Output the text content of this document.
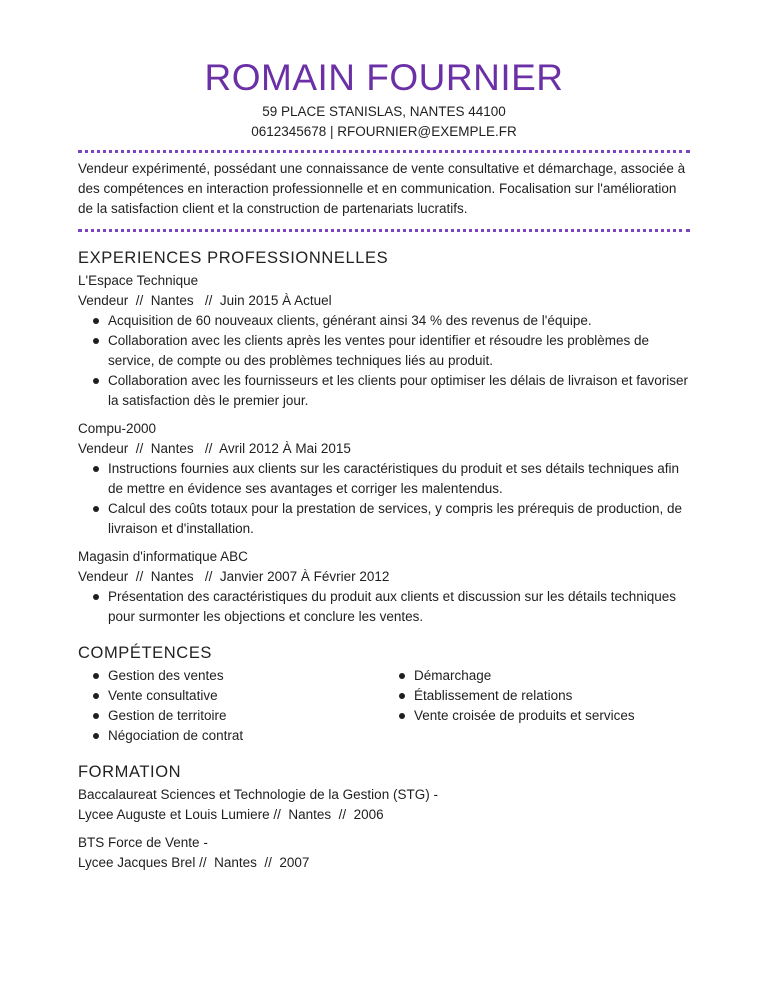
ROMAIN FOURNIER
59 PLACE STANISLAS, NANTES 44100
0612345678 | RFOURNIER@EXEMPLE.FR

Vendeur expérimenté, possédant une connaissance de vente consultative et démarchage, associée à des compétences en interaction professionnelle et en communication. Focalisation sur l'amélioration de la satisfaction client et la construction de partenariats lucratifs.

EXPERIENCES PROFESSIONNELLES
L'Espace Technique
Vendeur  //  Nantes   //  Juin 2015 À Actuel
Acquisition de 60 nouveaux clients, générant ainsi 34 % des revenus de l'équipe.
Collaboration avec les clients après les ventes pour identifier et résoudre les problèmes de service, de compte ou des problèmes techniques liés au produit.
Collaboration avec les fournisseurs et les clients pour optimiser les délais de livraison et favoriser la satisfaction dès le premier jour.
Compu-2000
Vendeur  //  Nantes   //  Avril 2012 À Mai 2015
Instructions fournies aux clients sur les caractéristiques du produit et ses détails techniques afin de mettre en évidence ses avantages et corriger les malentendus.
Calcul des coûts totaux pour la prestation de services, y compris les prérequis de production, de livraison et d'installation.
Magasin d'informatique ABC
Vendeur  //  Nantes   //  Janvier 2007 À Février 2012
Présentation des caractéristiques du produit aux clients et discussion sur les détails techniques pour surmonter les objections et conclure les ventes.
COMPÉTENCES
Gestion des ventes
Vente consultative
Gestion de territoire
Négociation de contrat
Démarchage
Établissement de relations
Vente croisée de produits et services
FORMATION
Baccalaureat Sciences et Technologie de la Gestion (STG) -
Lycee Auguste et Louis Lumiere //  Nantes  //  2006
BTS Force de Vente -
Lycee Jacques Brel //  Nantes  //  2007
